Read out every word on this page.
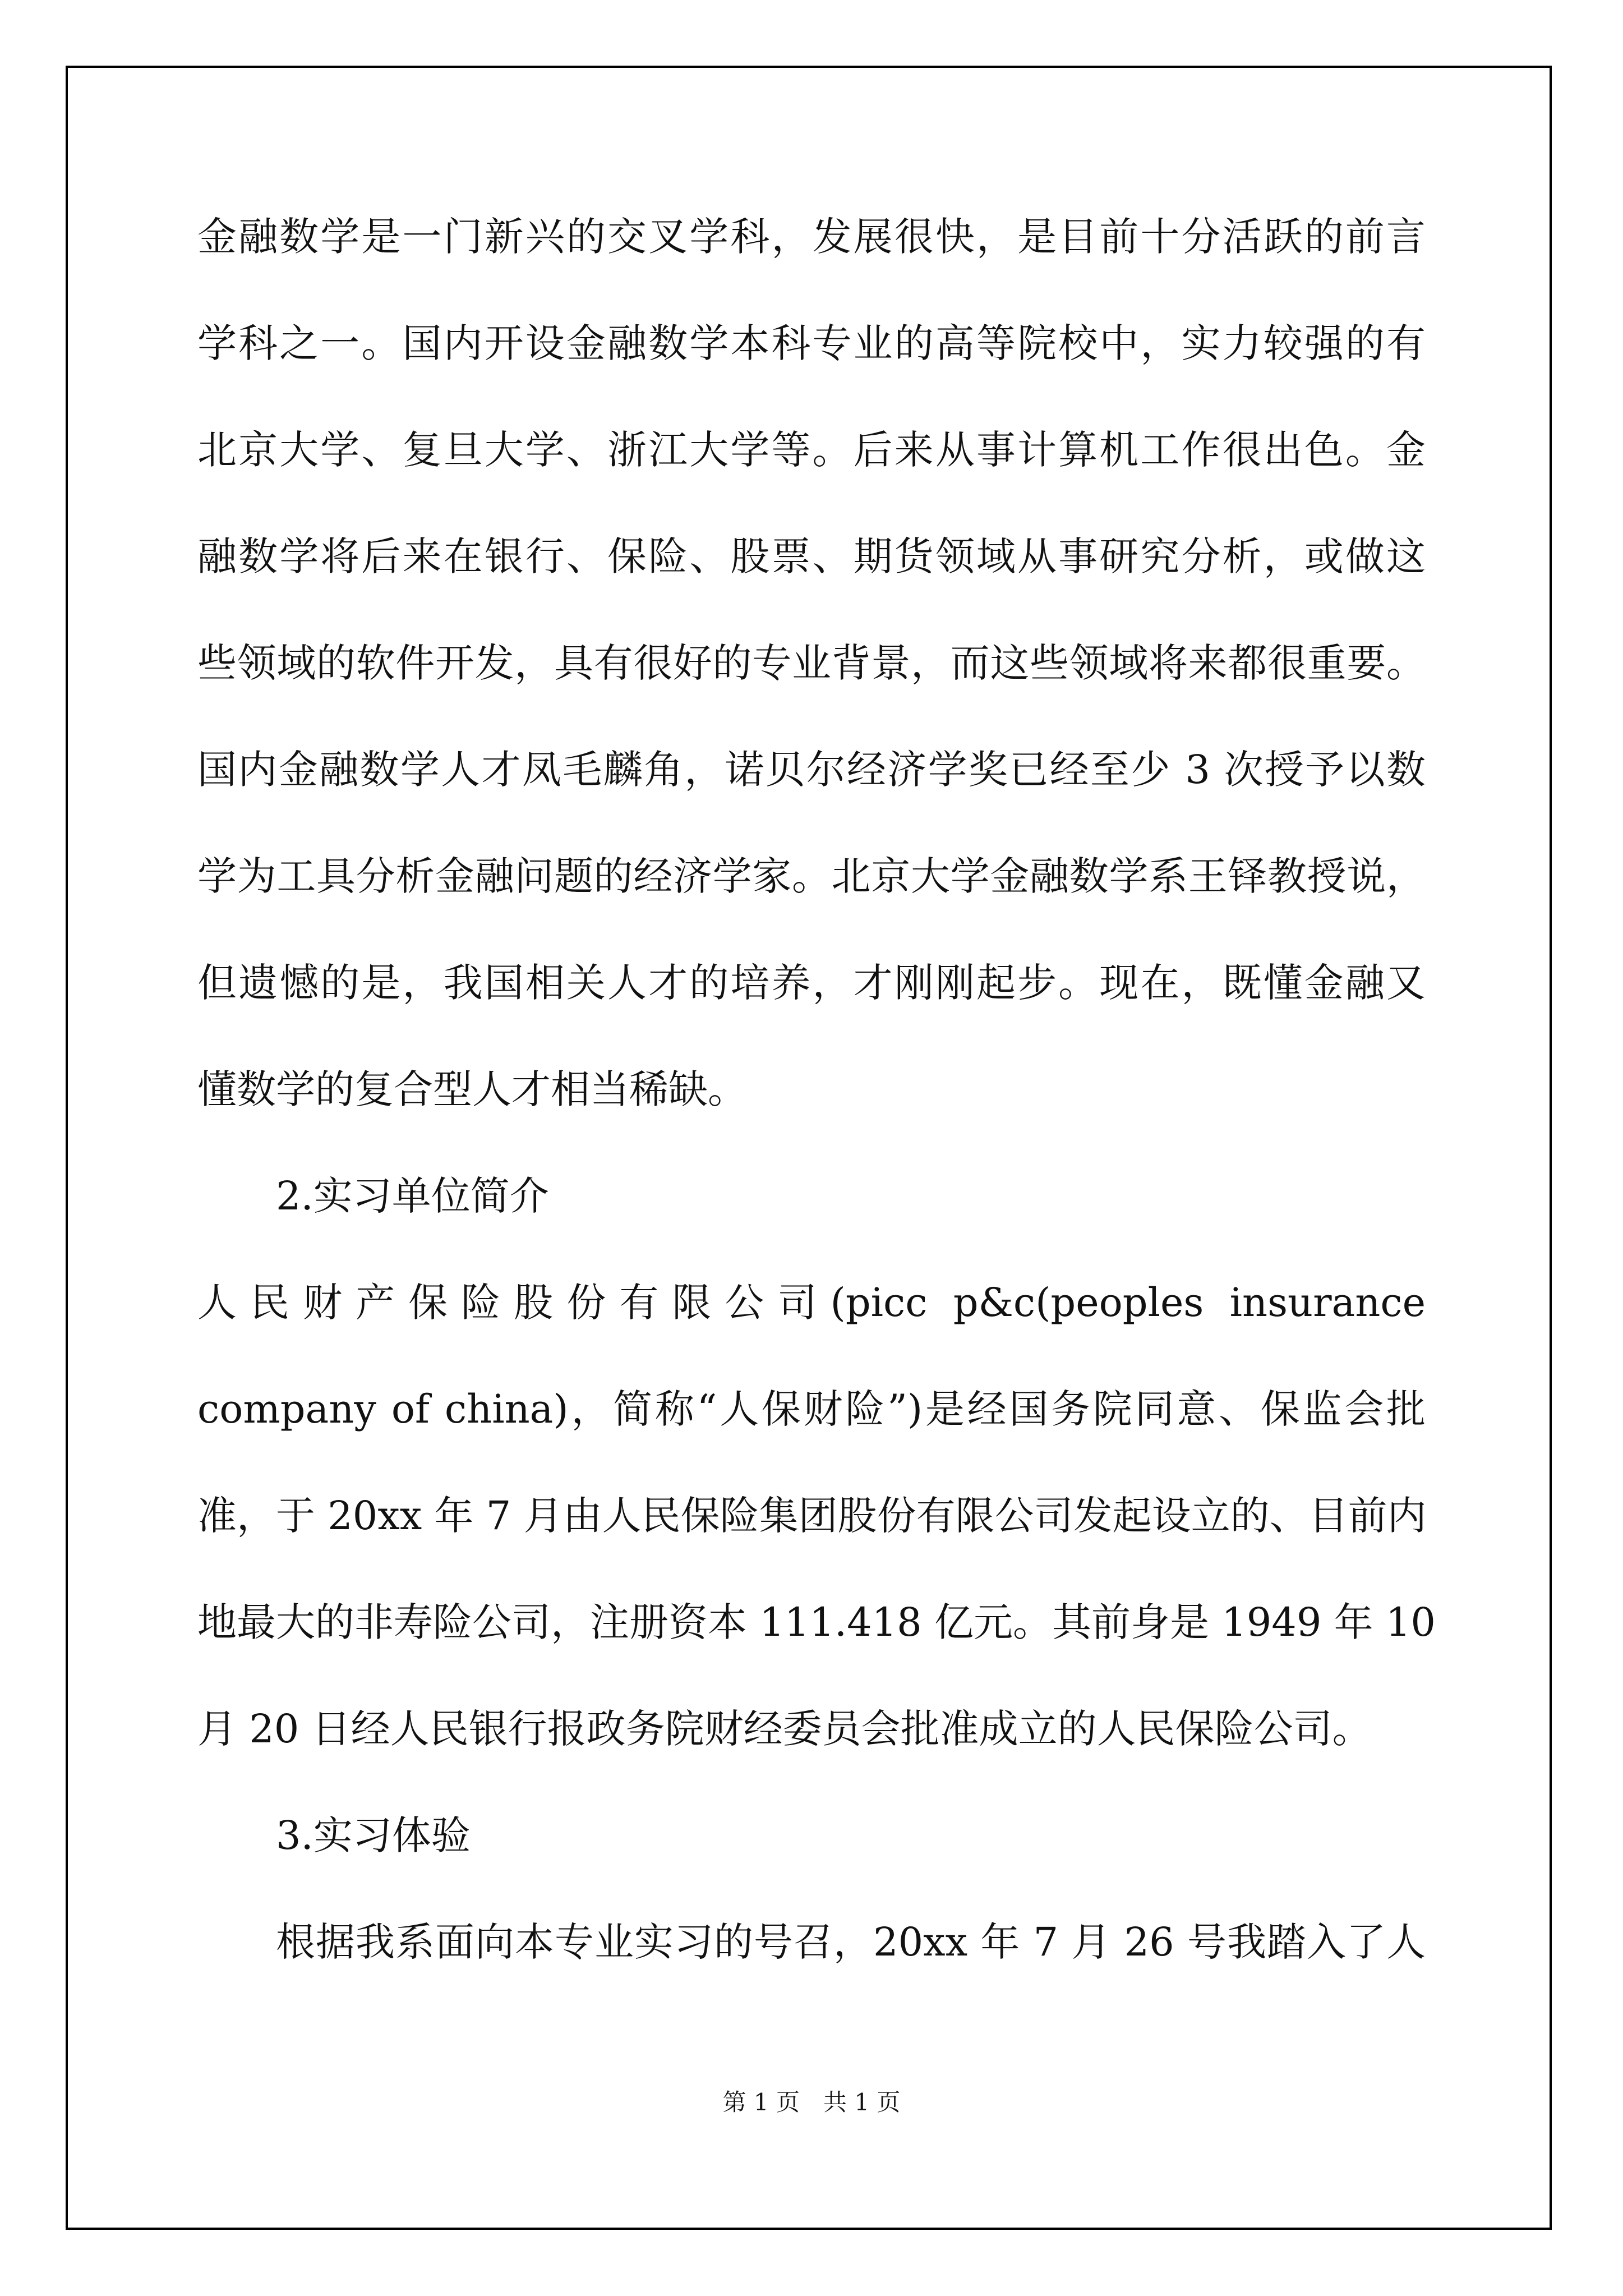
金融数学是一门新兴的交叉学科，发展很快，是目前十分活跃的前言
学科之一。国内开设金融数学本科专业的高等院校中，实力较强的有
北京大学、复旦大学、浙江大学等。后来从事计算机工作很出色。金
融数学将后来在银行、保险、股票、期货领域从事研究分析，或做这
些领域的软件开发，具有很好的专业背景，而这些领域将来都很重要。
国内金融数学人才凤毛麟角，诺贝尔经济学奖已经至少 3 次授予以数
学为工具分析金融问题的经济学家。北京大学金融数学系王铎教授说，
但遗憾的是，我国相关人才的培养，才刚刚起步。现在，既懂金融又
懂数学的复合型人才相当稀缺。
2.实习单位简介
人民财产保险股份有限公司(picc p&c(peoples insurance
company of china)，简称“人保财险”)是经国务院同意、保监会批
准，于 20xx 年 7 月由人民保险集团股份有限公司发起设立的、目前内
地最大的非寿险公司，注册资本 111.418 亿元。其前身是 1949 年 10
月 20 日经人民银行报政务院财经委员会批准成立的人民保险公司。
3.实习体验
根据我系面向本专业实习的号召，20xx 年 7 月 26 号我踏入了人
第 1 页　共 1 页
